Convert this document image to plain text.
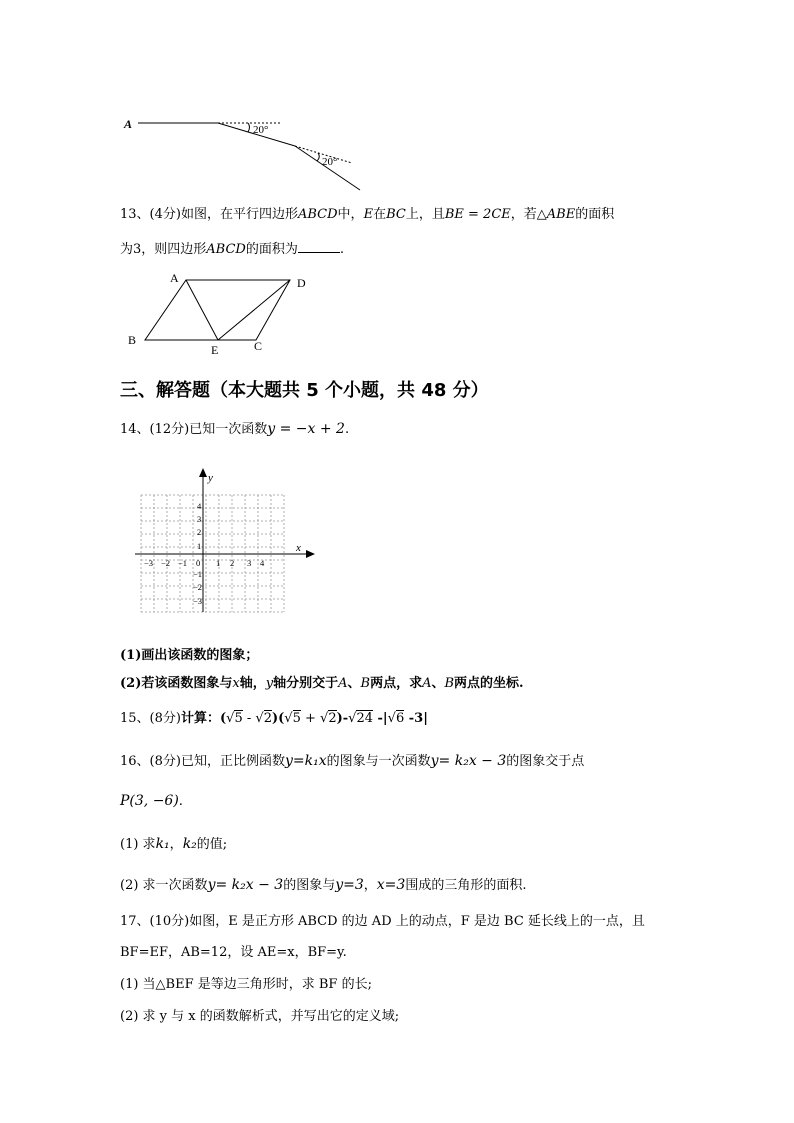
A	20°
20°
13、(4分)如图，在平行四边形ABCD中，E在BC上，且BE = 2CE，若△ABE的面积
为3，则四边形ABCD的面积为	.
A	D
B
E	C
三、解答题（本大题共 5 个小题，共 48 分）
14、(12分)已知一次函数y = −x + 2.
x
y
−3 −2 −1 0 1 2 3 4
4
3
2
1
−1
−2
−3
(1)画出该函数的图象；
(2)若该函数图象与x轴，y轴分别交于A、B两点，求A、B两点的坐标.
15、(8分)计算：(√5 - √2)(√5 + √2)-√24 -|√6 -3|
16、(8分)已知，正比例函数y=k₁x的图象与一次函数y= k₂x − 3的图象交于点
P(3, −6).
(1) 求k₁，k₂的值;
(2) 求一次函数y= k₂x − 3的图象与y=3，x=3围成的三角形的面积.
17、(10分)如图，E 是正方形 ABCD 的边 AD 上的动点，F 是边 BC 延长线上的一点，且
BF=EF，AB=12，设 AE=x，BF=y.
(1) 当△BEF 是等边三角形时，求 BF 的长;
(2) 求 y 与 x 的函数解析式，并写出它的定义域;
